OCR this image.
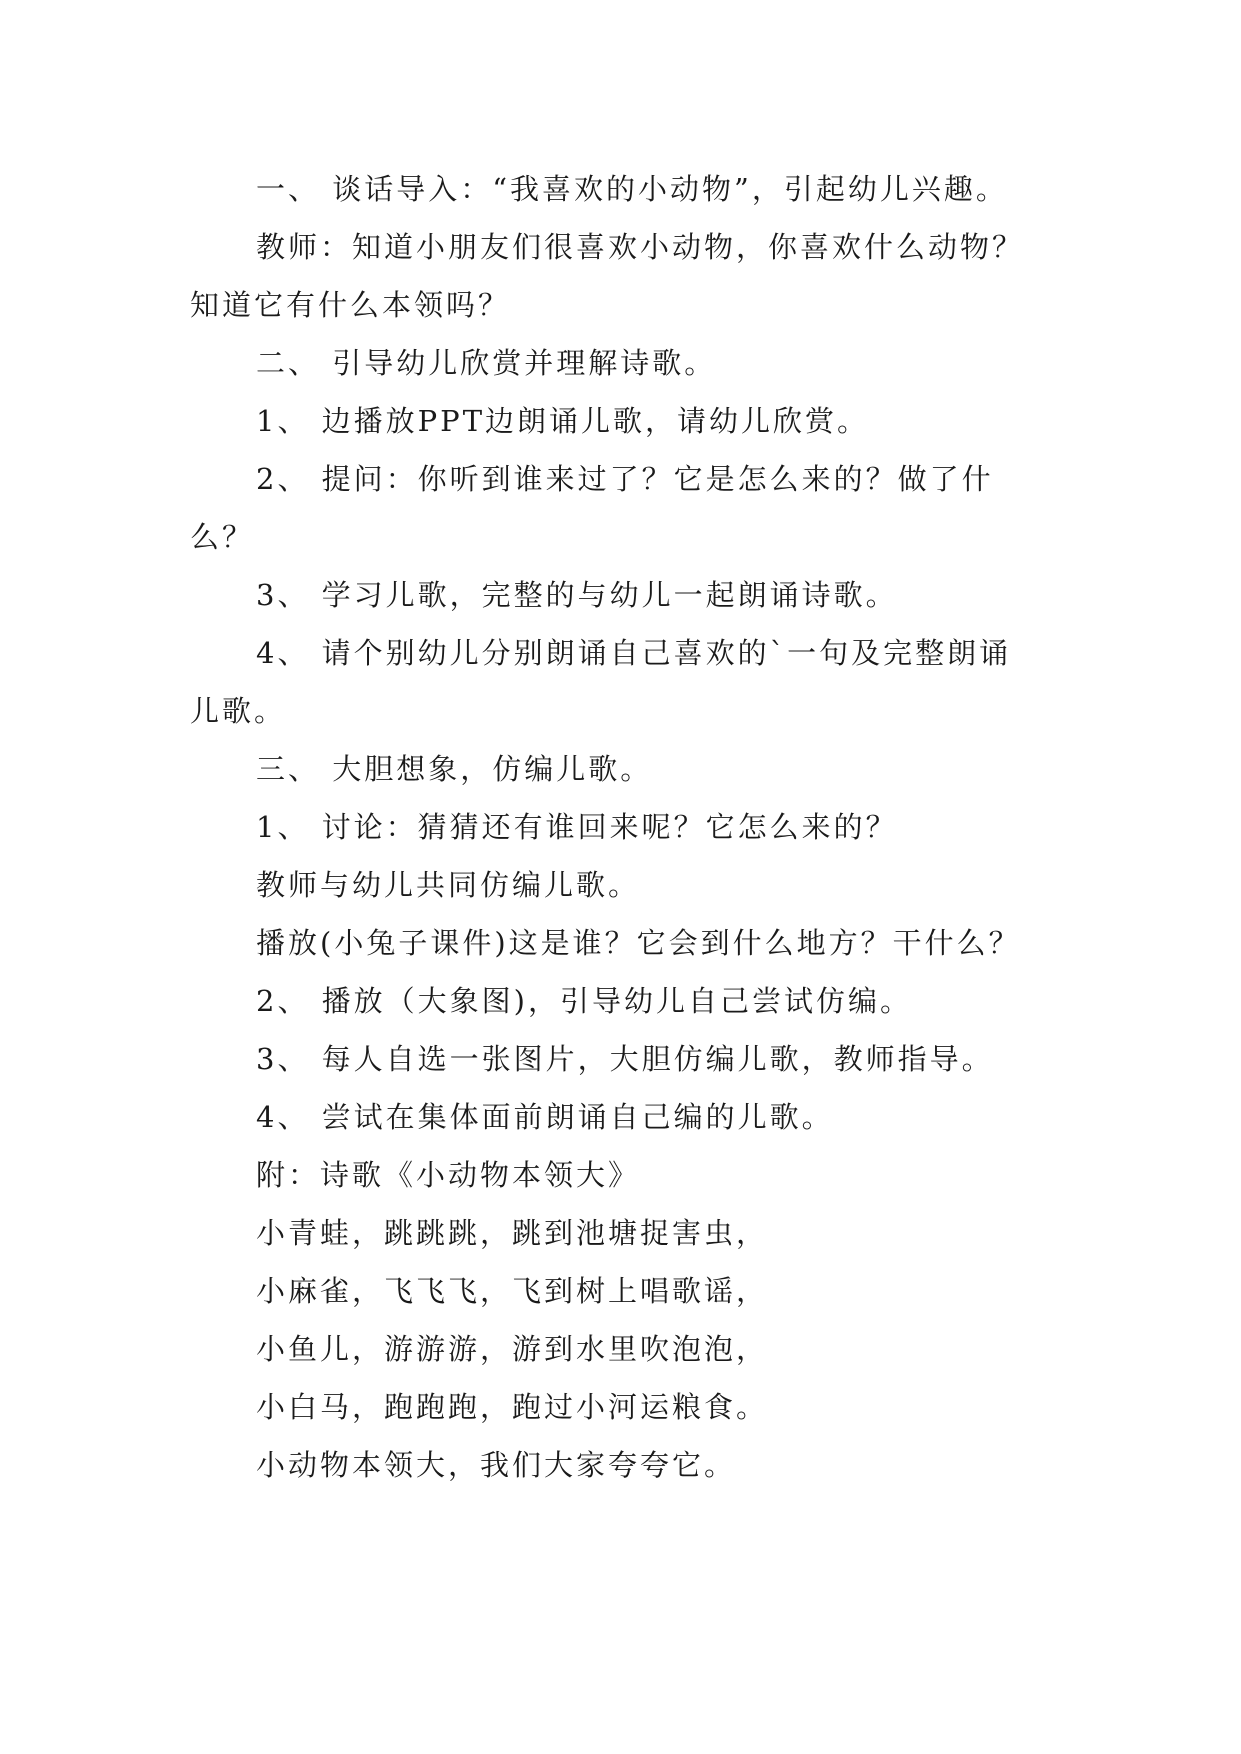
一、 谈话导入：“我喜欢的小动物”，引起幼儿兴趣。
教师：知道小朋友们很喜欢小动物，你喜欢什么动物？
知道它有什么本领吗？
二、 引导幼儿欣赏并理解诗歌。
1、 边播放PPT边朗诵儿歌，请幼儿欣赏。
2、 提问：你听到谁来过了？它是怎么来的？做了什
么？
3、 学习儿歌，完整的与幼儿一起朗诵诗歌。
4、 请个别幼儿分别朗诵自己喜欢的`一句及完整朗诵
儿歌。
三、 大胆想象，仿编儿歌。
1、 讨论：猜猜还有谁回来呢？它怎么来的？
教师与幼儿共同仿编儿歌。
播放(小兔子课件)这是谁？它会到什么地方？干什么？
2、 播放（大象图)，引导幼儿自己尝试仿编。
3、 每人自选一张图片，大胆仿编儿歌，教师指导。
4、 尝试在集体面前朗诵自己编的儿歌。
附：诗歌《小动物本领大》
小青蛙，跳跳跳，跳到池塘捉害虫，
小麻雀，飞飞飞，飞到树上唱歌谣，
小鱼儿，游游游，游到水里吹泡泡，
小白马，跑跑跑，跑过小河运粮食。
小动物本领大，我们大家夸夸它。
